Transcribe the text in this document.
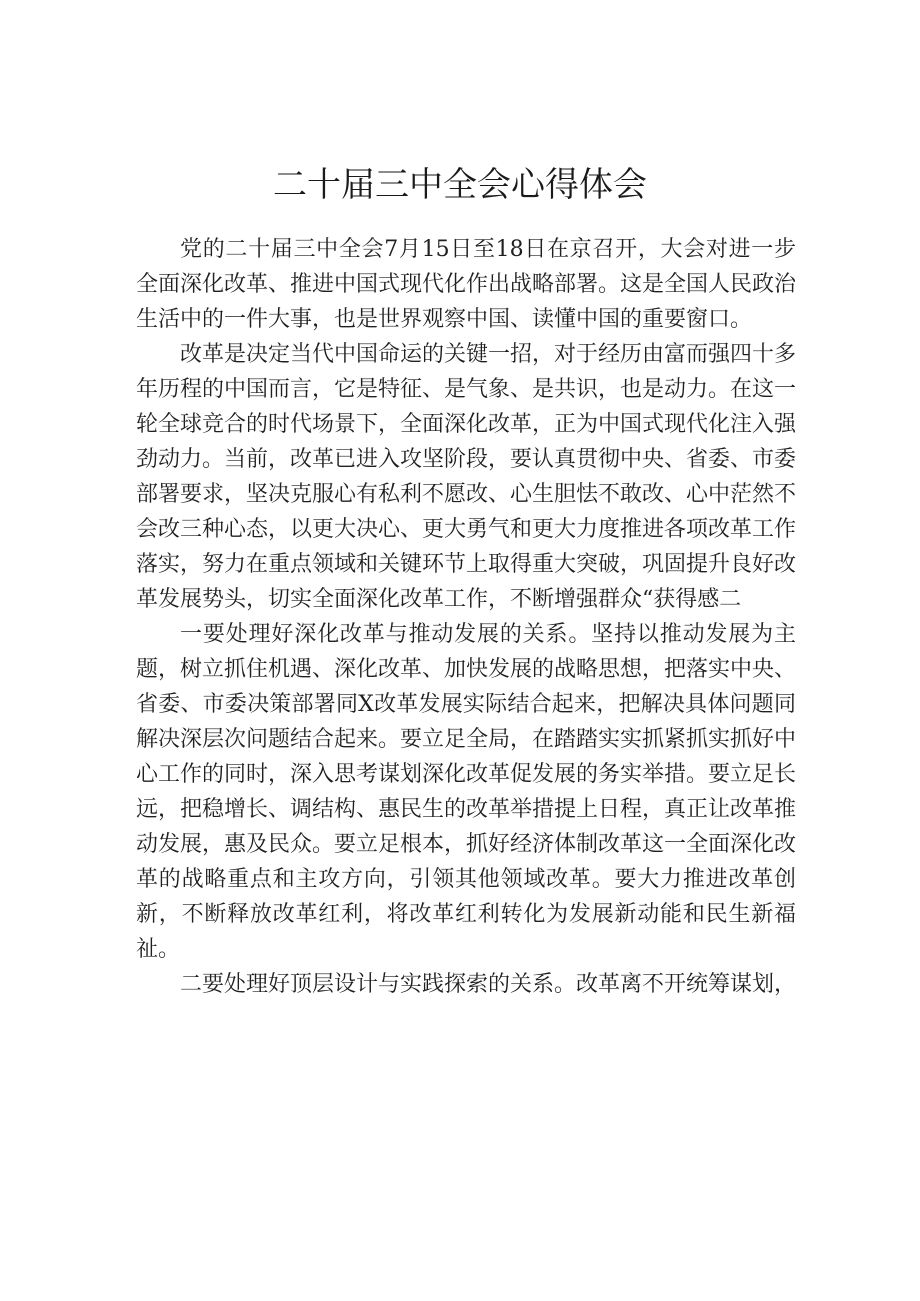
二十届三中全会心得体会

党的二十届三中全会7月15日至18日在京召开，大会对进一步全面深化改革、推进中国式现代化作出战略部署。这是全国人民政治生活中的一件大事，也是世界观察中国、读懂中国的重要窗口。

改革是决定当代中国命运的关键一招，对于经历由富而强四十多年历程的中国而言，它是特征、是气象、是共识，也是动力。在这一轮全球竞合的时代场景下，全面深化改革，正为中国式现代化注入强劲动力。当前，改革已进入攻坚阶段，要认真贯彻中央、省委、市委部署要求，坚决克服心有私利不愿改、心生胆怯不敢改、心中茫然不会改三种心态，以更大决心、更大勇气和更大力度推进各项改革工作落实，努力在重点领域和关键环节上取得重大突破，巩固提升良好改革发展势头，切实全面深化改革工作，不断增强群众“获得感二

一要处理好深化改革与推动发展的关系。坚持以推动发展为主题，树立抓住机遇、深化改革、加快发展的战略思想，把落实中央、省委、市委决策部署同X改革发展实际结合起来，把解决具体问题同解决深层次问题结合起来。要立足全局，在踏踏实实抓紧抓实抓好中心工作的同时，深入思考谋划深化改革促发展的务实举措。要立足长远，把稳增长、调结构、惠民生的改革举措提上日程，真正让改革推动发展，惠及民众。要立足根本，抓好经济体制改革这一全面深化改革的战略重点和主攻方向，引领其他领域改革。要大力推进改革创新，不断释放改革红利，将改革红利转化为发展新动能和民生新福祉。

二要处理好顶层设计与实践探索的关系。改革离不开统筹谋划，
